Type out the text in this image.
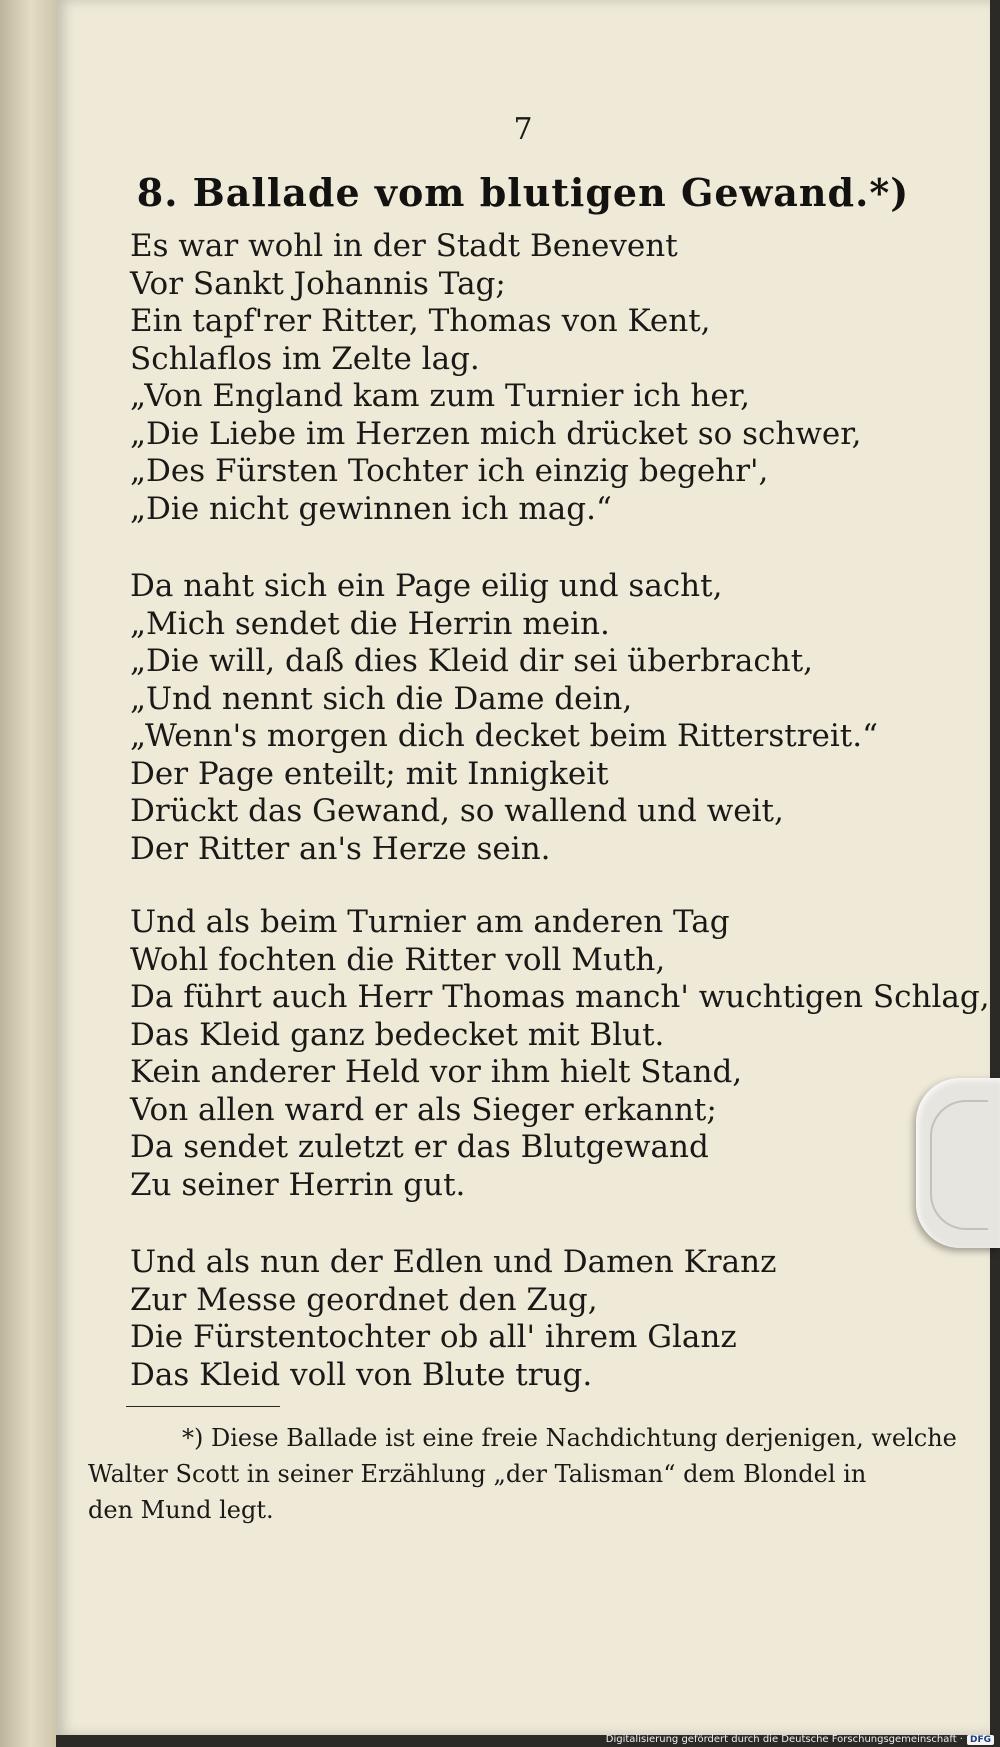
7
8. Ballade vom blutigen Gewand.*)
Es war wohl in der Stadt Benevent
Vor Sankt Johannis Tag;
Ein tapf'rer Ritter, Thomas von Kent,
Schlaflos im Zelte lag.
„Von England kam zum Turnier ich her,
„Die Liebe im Herzen mich drücket so schwer,
„Des Fürsten Tochter ich einzig begehr',
„Die nicht gewinnen ich mag.“
Da naht sich ein Page eilig und sacht,
„Mich sendet die Herrin mein.
„Die will, daß dies Kleid dir sei überbracht,
„Und nennt sich die Dame dein,
„Wenn's morgen dich decket beim Ritterstreit.“
Der Page enteilt; mit Innigkeit
Drückt das Gewand, so wallend und weit,
Der Ritter an's Herze sein.
Und als beim Turnier am anderen Tag
Wohl fochten die Ritter voll Muth,
Da führt auch Herr Thomas manch' wuchtigen Schlag,
Das Kleid ganz bedecket mit Blut.
Kein anderer Held vor ihm hielt Stand,
Von allen ward er als Sieger erkannt;
Da sendet zuletzt er das Blutgewand
Zu seiner Herrin gut.
Und als nun der Edlen und Damen Kranz
Zur Messe geordnet den Zug,
Die Fürstentochter ob all' ihrem Glanz
Das Kleid voll von Blute trug.
*) Diese Ballade ist eine freie Nachdichtung derjenigen, welche
Walter Scott in seiner Erzählung „der Talisman“ dem Blondel in
den Mund legt.
Digitalisierung gefördert durch die Deutsche Forschungsgemeinschaft · DFG
